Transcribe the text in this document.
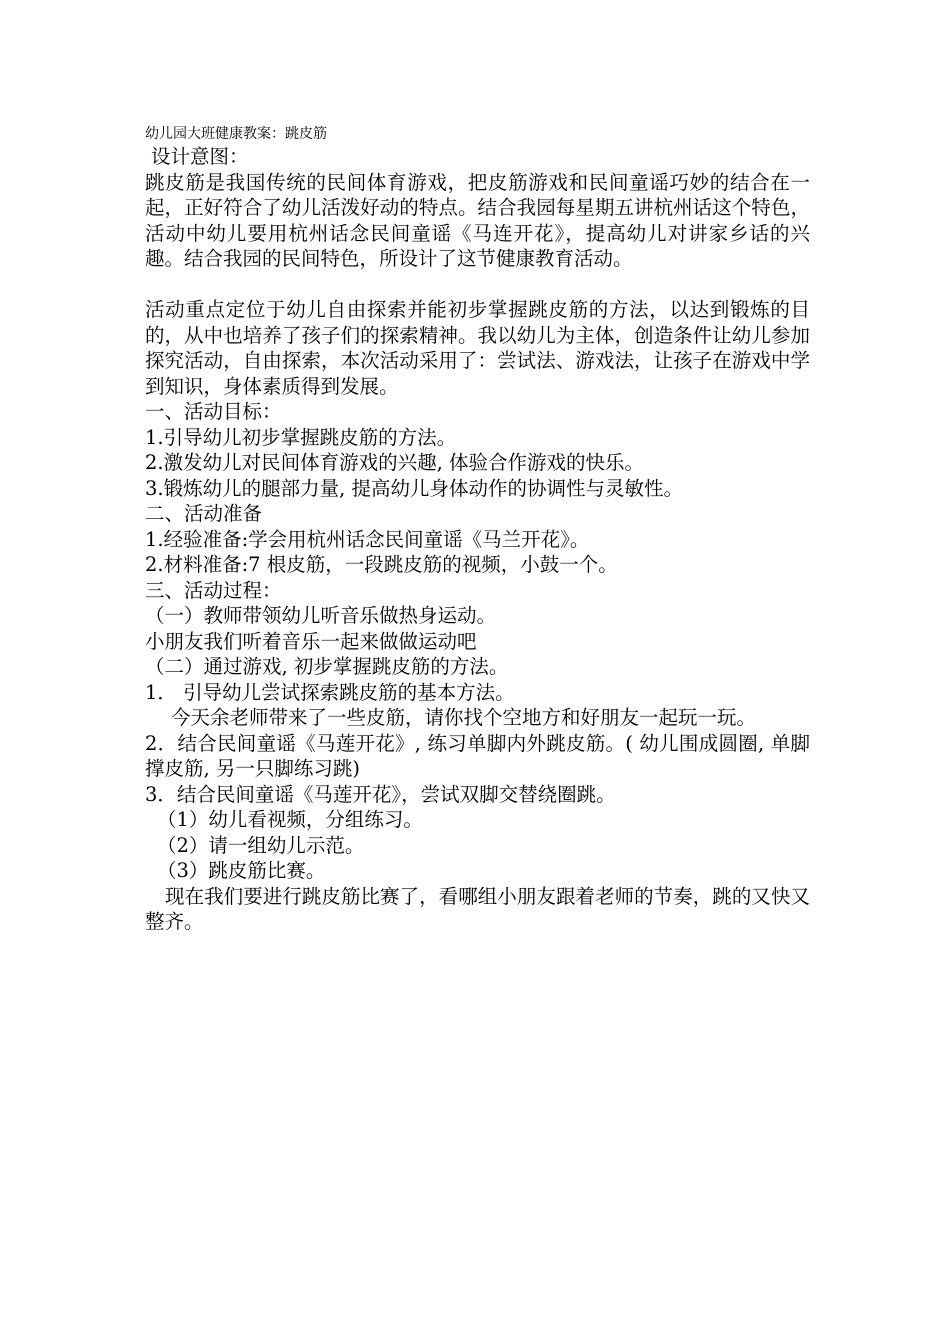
幼儿园大班健康教案：跳皮筋

设计意图：

跳皮筋是我国传统的民间体育游戏，把皮筋游戏和民间童谣巧妙的结合在一起，正好符合了幼儿活泼好动的特点。结合我园每星期五讲杭州话这个特色，活动中幼儿要用杭州话念民间童谣《马连开花》，提高幼儿对讲家乡话的兴趣。结合我园的民间特色，所设计了这节健康教育活动。

活动重点定位于幼儿自由探索并能初步掌握跳皮筋的方法，以达到锻炼的目的，从中也培养了孩子们的探索精神。我以幼儿为主体，创造条件让幼儿参加探究活动，自由探索，本次活动采用了：尝试法、游戏法，让孩子在游戏中学到知识，身体素质得到发展。

一、活动目标：

1.引导幼儿初步掌握跳皮筋的方法。

2.激发幼儿对民间体育游戏的兴趣, 体验合作游戏的快乐。

3.锻炼幼儿的腿部力量, 提高幼儿身体动作的协调性与灵敏性。

二、活动准备

1.经验准备:学会用杭州话念民间童谣《马兰开花》。

2.材料准备:7 根皮筋，一段跳皮筋的视频，小鼓一个。

三、活动过程：

（一）教师带领幼儿听音乐做热身运动。

小朋友我们听着音乐一起来做做运动吧

（二）通过游戏, 初步掌握跳皮筋的方法。

1． 引导幼儿尝试探索跳皮筋的基本方法。

今天余老师带来了一些皮筋，请你找个空地方和好朋友一起玩一玩。

2．结合民间童谣《马莲开花》, 练习单脚内外跳皮筋。( 幼儿围成圆圈, 单脚撑皮筋, 另一只脚练习跳)

3．结合民间童谣《马莲开花》，尝试双脚交替绕圈跳。

（1）幼儿看视频，分组练习。

（2）请一组幼儿示范。

（3）跳皮筋比赛。

现在我们要进行跳皮筋比赛了，看哪组小朋友跟着老师的节奏，跳的又快又整齐。
